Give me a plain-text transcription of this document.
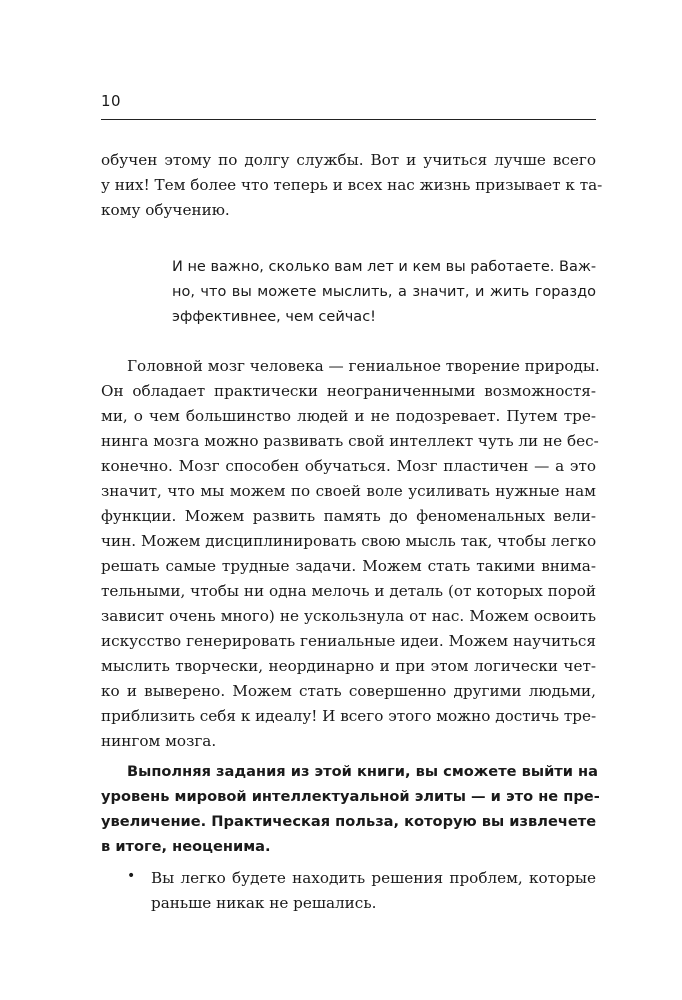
10
обучен этому по долгу службы. Вот и учиться лучше всего
у них! Тем более что теперь и всех нас жизнь призывает к та-
кому обучению.
И не важно, сколько вам лет и кем вы работаете. Важ-
но, что вы можете мыслить, а значит, и жить гораздо
эффективнее, чем сейчас!
Головной мозг человека — гениальное творение природы.
Он обладает практически неограниченными возможностя-
ми, о чем большинство людей и не подозревает. Путем тре-
нинга мозга можно развивать свой интеллект чуть ли не бес-
конечно. Мозг способен обучаться. Мозг пластичен — а это
значит, что мы можем по своей воле усиливать нужные нам
функции. Можем развить память до феноменальных вели-
чин. Можем дисциплинировать свою мысль так, чтобы легко
решать самые трудные задачи. Можем стать такими внима-
тельными, чтобы ни одна мелочь и деталь (от которых порой
зависит очень много) не ускользнула от нас. Можем освоить
искусство генерировать гениальные идеи. Можем научиться
мыслить творчески, неординарно и при этом логически чет-
ко и выверено. Можем стать совершенно другими людьми,
приблизить себя к идеалу! И всего этого можно достичь тре-
нингом мозга.
Выполняя задания из этой книги, вы сможете выйти на
уровень мировой интеллектуальной элиты — и это не пре-
увеличение. Практическая польза, которую вы извлечете
в итоге, неоценима.
• Вы легко будете находить решения проблем, которые
раньше никак не решались.
